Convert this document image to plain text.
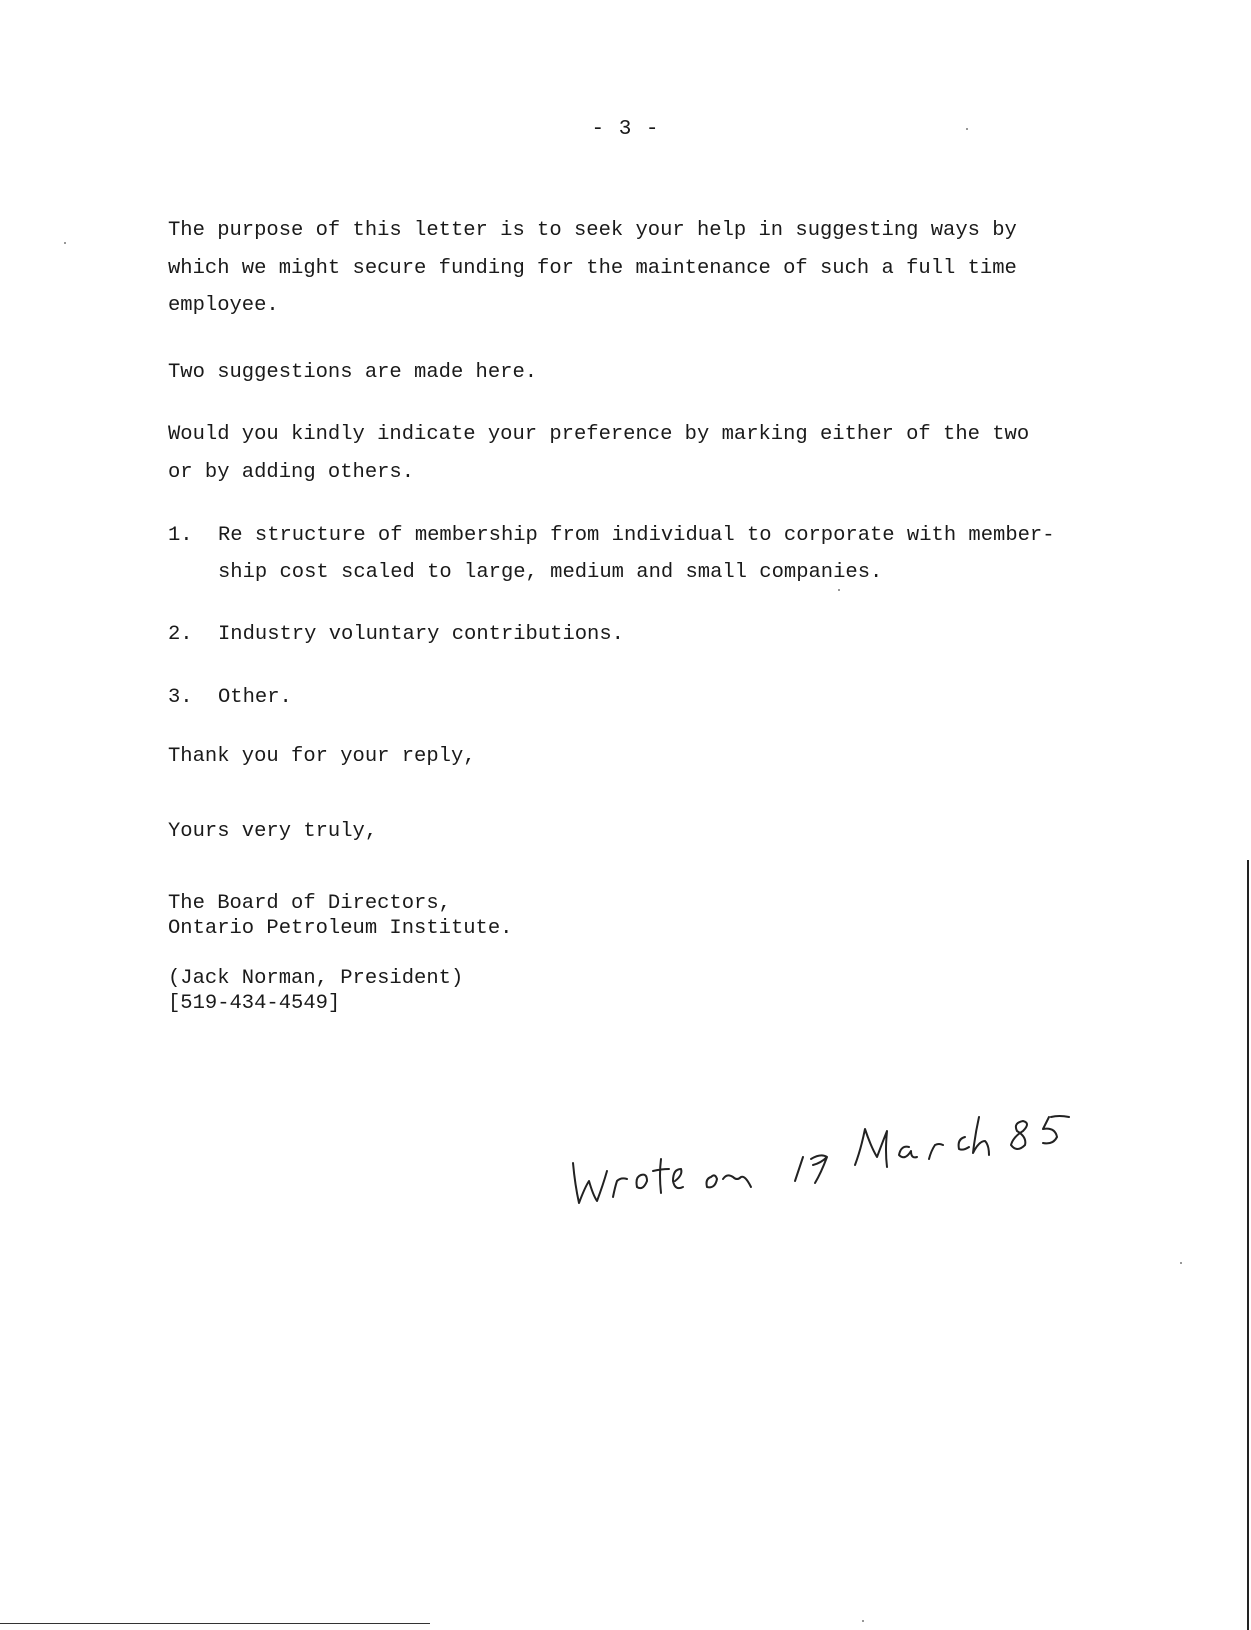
- 3 -

The purpose of this letter is to seek your help in suggesting ways by
which we might secure funding for the maintenance of such a full time
employee.

Two suggestions are made here.

Would you kindly indicate your preference by marking either of the two
or by adding others.

1.	Re structure of membership from individual to corporate with member-
ship cost scaled to large, medium and small companies.
2.	Industry voluntary contributions.
3.	Other.
Thank you for your reply,
Yours very truly,
The Board of Directors,
Ontario Petroleum Institute.
(Jack Norman, President)
[519-434-4549]
